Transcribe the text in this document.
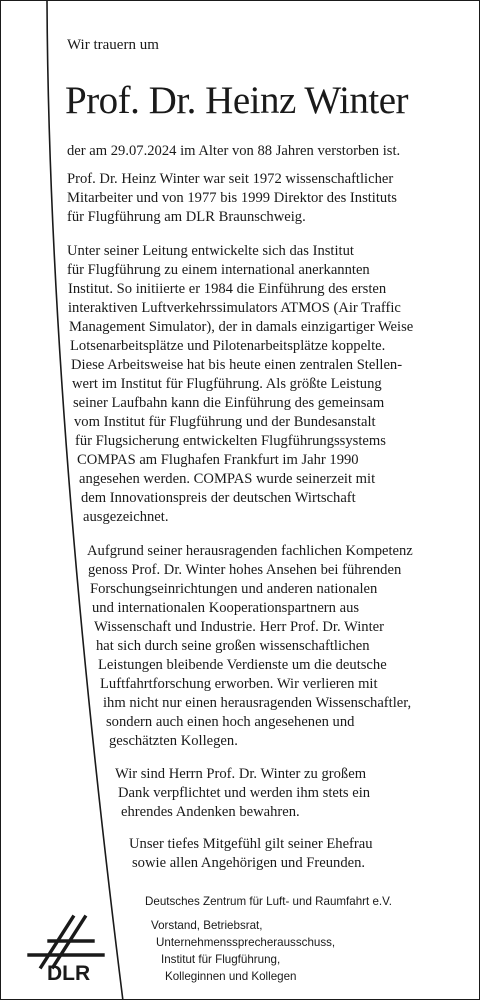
Wir trauern um
Prof. Dr. Heinz Winter
der am 29.07.2024 im Alter von 88 Jahren verstorben ist.
Prof. Dr. Heinz Winter war seit 1972 wissenschaftlicher
Mitarbeiter und von 1977 bis 1999 Direktor des Instituts
für Flugführung am DLR Braunschweig.
Unter seiner Leitung entwickelte sich das Institut
für Flugführung zu einem international anerkannten
Institut. So initiierte er 1984 die Einführung des ersten
interaktiven Luftverkehrssimulators ATMOS (Air Traffic
Management Simulator), der in damals einzigartiger Weise
Lotsenarbeitsplätze und Pilotenarbeitsplätze koppelte.
Diese Arbeitsweise hat bis heute einen zentralen Stellen-
wert im Institut für Flugführung. Als größte Leistung
seiner Laufbahn kann die Einführung des gemeinsam
vom Institut für Flugführung und der Bundesanstalt
für Flugsicherung entwickelten Flugführungssystems
COMPAS am Flughafen Frankfurt im Jahr 1990
angesehen werden. COMPAS wurde seinerzeit mit
dem Innovationspreis der deutschen Wirtschaft
ausgezeichnet.
Aufgrund seiner herausragenden fachlichen Kompetenz
genoss Prof. Dr. Winter hohes Ansehen bei führenden
Forschungseinrichtungen und anderen nationalen
und internationalen Kooperationspartnern aus
Wissenschaft und Industrie. Herr Prof. Dr. Winter
hat sich durch seine großen wissenschaftlichen
Leistungen bleibende Verdienste um die deutsche
Luftfahrtforschung erworben. Wir verlieren mit
ihm nicht nur einen herausragenden Wissenschaftler,
sondern auch einen hoch angesehenen und
geschätzten Kollegen.
Wir sind Herrn Prof. Dr. Winter zu großem
Dank verpflichtet und werden ihm stets ein
ehrendes Andenken bewahren.
Unser tiefes Mitgefühl gilt seiner Ehefrau
sowie allen Angehörigen und Freunden.
Deutsches Zentrum für Luft- und Raumfahrt e.V.
Vorstand, Betriebsrat,
Unternehmenssprecherausschuss,
Institut für Flugführung,
Kolleginnen und Kollegen
DLR
